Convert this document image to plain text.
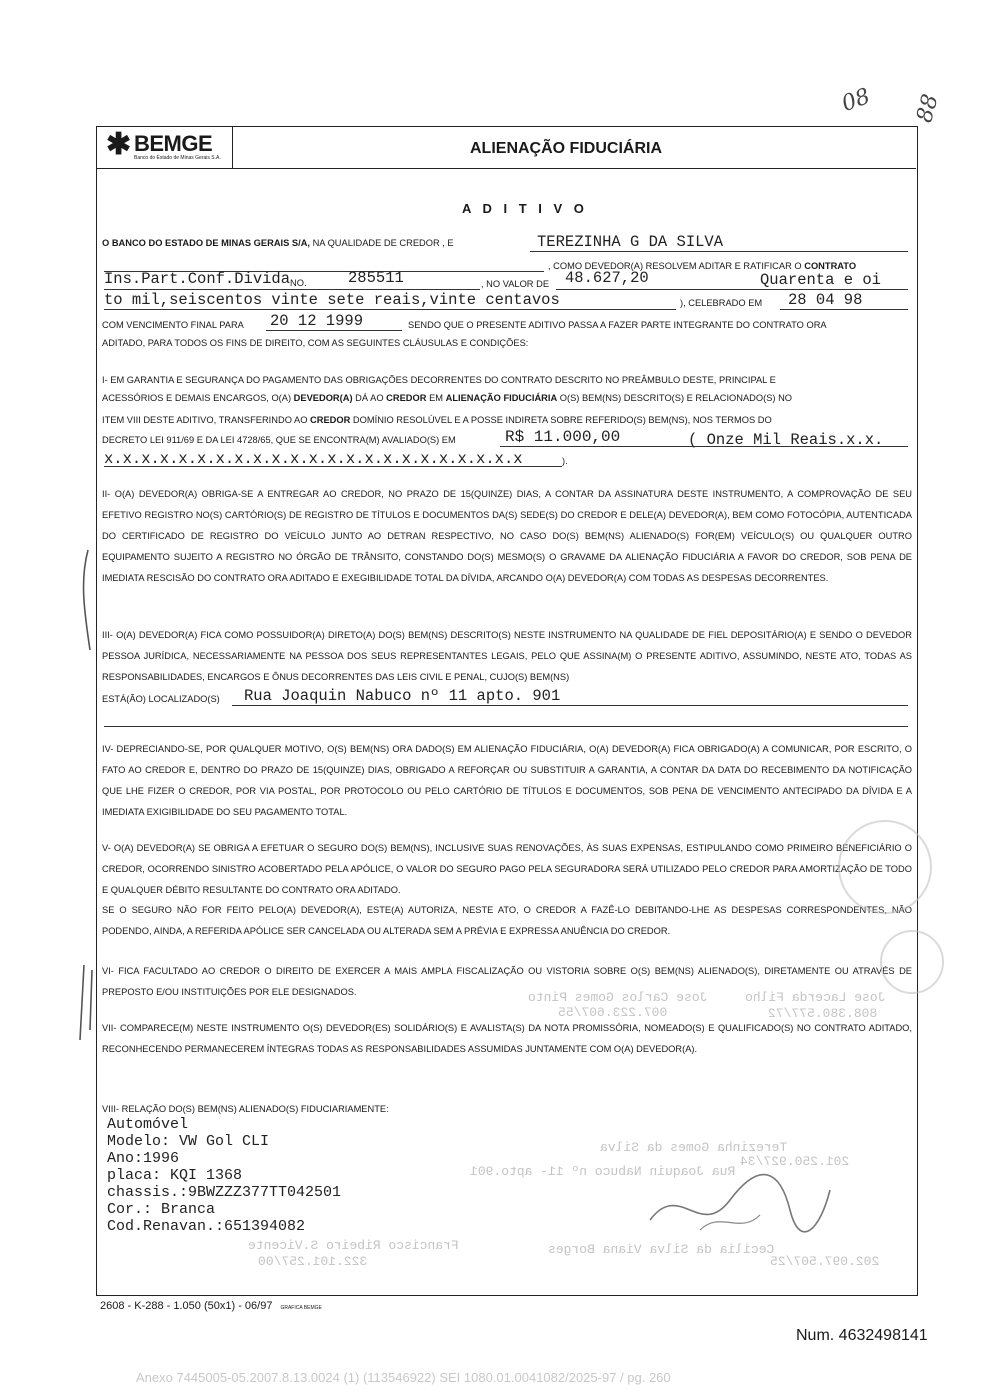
✱ BEMGE
Banco do Estado de Minas Gerais S.A.
ALIENAÇÃO FIDUCIÁRIA
08 88
A D I T I V O
O BANCO DO ESTADO DE MINAS GERAIS S/A, NA QUALIDADE DE CREDOR , E	TEREZINHA G DA SILVA
, COMO DEVEDOR(A) RESOLVEM ADITAR E RATIFICAR O CONTRATO
Ins.Part.Conf.Divida NO.	285511	, NO VALOR DE 48.627,20	Quarenta e oi
to mil,seiscentos vinte sete reais,vinte centavos	), CELEBRADO EM 28 04 98
COM VENCIMENTO FINAL PARA 20 12 1999	SENDO QUE O PRESENTE ADITIVO PASSA A FAZER PARTE INTEGRANTE DO CONTRATO ORA
ADITADO, PARA TODOS OS FINS DE DIREITO, COM AS SEGUINTES CLÁUSULAS E CONDIÇÕES:
I- EM GARANTIA E SEGURANÇA DO PAGAMENTO DAS OBRIGAÇÕES DECORRENTES DO CONTRATO DESCRITO NO PREÂMBULO DESTE, PRINCIPAL E
ACESSÓRIOS E DEMAIS ENCARGOS, O(A) DEVEDOR(A) DÁ AO CREDOR EM ALIENAÇÃO FIDUCIÁRIA O(S) BEM(NS) DESCRITO(S) E RELACIONADO(S) NO
ITEM VIII DESTE ADITIVO, TRANSFERINDO AO CREDOR DOMÍNIO RESOLÚVEL E A POSSE INDIRETA SOBRE REFERIDO(S) BEM(NS), NOS TERMOS DO
DECRETO LEI 911/69 E DA LEI 4728/65, QUE SE ENCONTRA(M) AVALIADO(S) EM	R$ 11.000,00	( Onze Mil Reais.x.x.
x.x.x.x.x.x.x.x.x.x.x.x.x.x.x.x.x.x.x.x.x.x.x	).
II- O(A) DEVEDOR(A) OBRIGA-SE A ENTREGAR AO CREDOR, NO PRAZO DE 15(QUINZE) DIAS, A CONTAR DA ASSINATURA DESTE INSTRUMENTO, A COMPROVAÇÃO DE SEU EFETIVO REGISTRO NO(S) CARTÓRIO(S) DE REGISTRO DE TÍTULOS E DOCUMENTOS DA(S) SEDE(S) DO CREDOR E DELE(A) DEVEDOR(A), BEM COMO FOTOCÓPIA, AUTENTICADA DO CERTIFICADO DE REGISTRO DO VEÍCULO JUNTO AO DETRAN RESPECTIVO, NO CASO DO(S) BEM(NS) ALIENADO(S) FOR(EM) VEÍCULO(S) OU QUALQUER OUTRO EQUIPAMENTO SUJEITO A REGISTRO NO ÓRGÃO DE TRÂNSITO, CONSTANDO DO(S) MESMO(S) O GRAVAME DA ALIENAÇÃO FIDUCIÁRIA A FAVOR DO CREDOR, SOB PENA DE IMEDIATA RESCISÃO DO CONTRATO ORA ADITADO E EXEGIBILIDADE TOTAL DA DÍVIDA, ARCANDO O(A) DEVEDOR(A) COM TODAS AS DESPESAS DECORRENTES.
III- O(A) DEVEDOR(A) FICA COMO POSSUIDOR(A) DIRETO(A) DO(S) BEM(NS) DESCRITO(S) NESTE INSTRUMENTO NA QUALIDADE DE FIEL DEPOSITÁRIO(A) E SENDO O DEVEDOR PESSOA JURÍDICA, NECESSARIAMENTE NA PESSOA DOS SEUS REPRESENTANTES LEGAIS, PELO QUE ASSINA(M) O PRESENTE ADITIVO, ASSUMINDO, NESTE ATO, TODAS AS RESPONSABILIDADES, ENCARGOS E ÔNUS DECORRENTES DAS LEIS CIVIL E PENAL, CUJO(S) BEM(NS)
ESTÁ(ÃO) LOCALIZADO(S) Rua Joaquin Nabuco nº 11 apto. 901
IV- DEPRECIANDO-SE, POR QUALQUER MOTIVO, O(S) BEM(NS) ORA DADO(S) EM ALIENAÇÃO FIDUCIÁRIA, O(A) DEVEDOR(A) FICA OBRIGADO(A) A COMUNICAR, POR ESCRITO, O FATO AO CREDOR E, DENTRO DO PRAZO DE 15(QUINZE) DIAS, OBRIGADO A REFORÇAR OU SUBSTITUIR A GARANTIA, A CONTAR DA DATA DO RECEBIMENTO DA NOTIFICAÇÃO QUE LHE FIZER O CREDOR, POR VIA POSTAL, POR PROTOCOLO OU PELO CARTÓRIO DE TÍTULOS E DOCUMENTOS, SOB PENA DE VENCIMENTO ANTECIPADO DA DÍVIDA E A IMEDIATA EXIGIBILIDADE DO SEU PAGAMENTO TOTAL.
V- O(A) DEVEDOR(A) SE OBRIGA A EFETUAR O SEGURO DO(S) BEM(NS), INCLUSIVE SUAS RENOVAÇÕES, ÀS SUAS EXPENSAS, ESTIPULANDO COMO PRIMEIRO BENEFICIÁRIO O CREDOR, OCORRENDO SINISTRO ACOBERTADO PELA APÓLICE, O VALOR DO SEGURO PAGO PELA SEGURADORA SERÁ UTILIZADO PELO CREDOR PARA AMORTIZAÇÃO DE TODO E QUALQUER DÉBITO RESULTANTE DO CONTRATO ORA ADITADO.
SE O SEGURO NÃO FOR FEITO PELO(A) DEVEDOR(A), ESTE(A) AUTORIZA, NESTE ATO, O CREDOR A FAZÊ-LO DEBITANDO-LHE AS DESPESAS CORRESPONDENTES, NÃO PODENDO, AINDA, A REFERIDA APÓLICE SER CANCELADA OU ALTERADA SEM A PRÉVIA E EXPRESSA ANUÊNCIA DO CREDOR.
VI- FICA FACULTADO AO CREDOR O DIREITO DE EXERCER A MAIS AMPLA FISCALIZAÇÃO OU VISTORIA SOBRE O(S) BEM(NS) ALIENADO(S), DIRETAMENTE OU ATRAVÉS DE PREPOSTO E/OU INSTITUIÇÕES POR ELE DESIGNADOS.
VII- COMPARECE(M) NESTE INSTRUMENTO O(S) DEVEDOR(ES) SOLIDÁRIO(S) E AVALISTA(S) DA NOTA PROMISSÓRIA, NOMEADO(S) E QUALIFICADO(S) NO CONTRATO ADITADO, RECONHECENDO PERMANECEREM ÍNTEGRAS TODAS AS RESPONSABILIDADES ASSUMIDAS JUNTAMENTE COM O(A) DEVEDOR(A).
VIII- RELAÇÃO DO(S) BEM(NS) ALIENADO(S) FIDUCIARIAMENTE:
Automóvel
Modelo: VW Gol CLI
Ano:1996
placa: KQI 1368
chassis.:9BWZZZ377TT042501
Cor.: Branca
Cod.Renavan.:651394082
Jose Lacerda Filho
808.380.577/72
Jose Carlos Gomes Pinto
007.223.607/55
Terezinha Gomes da Silva
201.250.927/34
Rua Joaquin Nabuco nº 11- apto.901
Francisco Ribeiro S.Vicente
322.101.257/00
Cecilia da Silva Viana Borges
202.097.507/25
2608 - K-288 - 1.050 (50x1) - 06/97 GRAFICA BEMGE
Num. 4632498141
Anexo 7445005-05.2007.8.13.0024 (1) (113546922) SEI 1080.01.0041082/2025-97 / pg. 260
